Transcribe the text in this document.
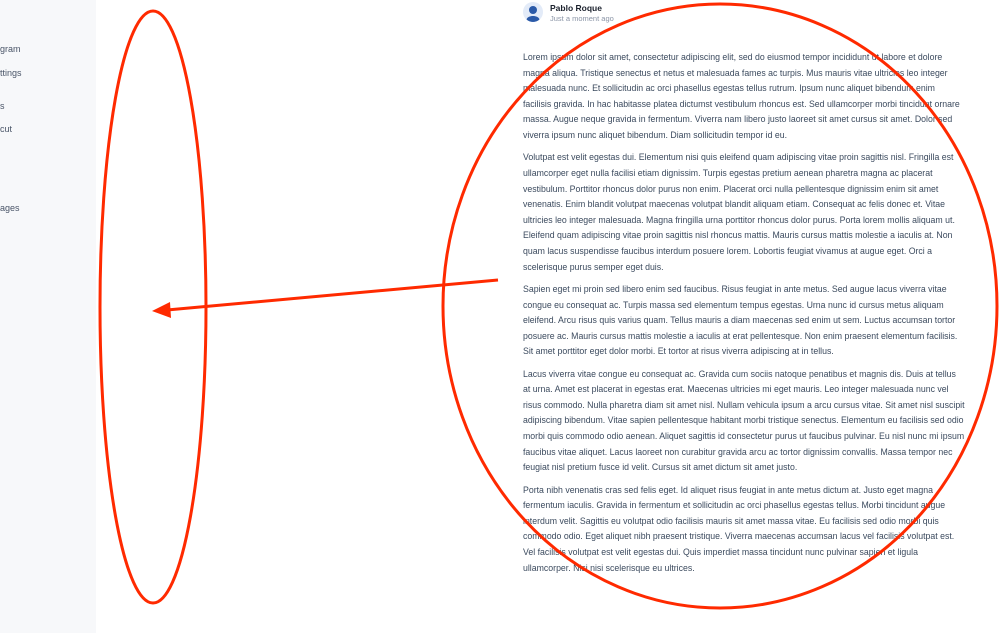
gram
ttings
s
cut
ages
Pablo Roque
Just a moment ago

Lorem ipsum dolor sit amet, consectetur adipiscing elit, sed do eiusmod tempor incididunt ut labore et dolore magna aliqua. Tristique senectus et netus et malesuada fames ac turpis. Mus mauris vitae ultricies leo integer malesuada nunc. Et sollicitudin ac orci phasellus egestas tellus rutrum. Ipsum nunc aliquet bibendum enim facilisis gravida. In hac habitasse platea dictumst vestibulum rhoncus est. Sed ullamcorper morbi tincidunt ornare massa. Augue neque gravida in fermentum. Viverra nam libero justo laoreet sit amet cursus sit amet. Dolor sed viverra ipsum nunc aliquet bibendum. Diam sollicitudin tempor id eu.

Volutpat est velit egestas dui. Elementum nisi quis eleifend quam adipiscing vitae proin sagittis nisl. Fringilla est ullamcorper eget nulla facilisi etiam dignissim. Turpis egestas pretium aenean pharetra magna ac placerat vestibulum. Porttitor rhoncus dolor purus non enim. Placerat orci nulla pellentesque dignissim enim sit amet venenatis. Enim blandit volutpat maecenas volutpat blandit aliquam etiam. Consequat ac felis donec et. Vitae ultricies leo integer malesuada. Magna fringilla urna porttitor rhoncus dolor purus. Porta lorem mollis aliquam ut. Eleifend quam adipiscing vitae proin sagittis nisl rhoncus mattis. Mauris cursus mattis molestie a iaculis at. Non quam lacus suspendisse faucibus interdum posuere lorem. Lobortis feugiat vivamus at augue eget. Orci a scelerisque purus semper eget duis.

Sapien eget mi proin sed libero enim sed faucibus. Risus feugiat in ante metus. Sed augue lacus viverra vitae congue eu consequat ac. Turpis massa sed elementum tempus egestas. Urna nunc id cursus metus aliquam eleifend. Arcu risus quis varius quam. Tellus mauris a diam maecenas sed enim ut sem. Luctus accumsan tortor posuere ac. Mauris cursus mattis molestie a iaculis at erat pellentesque. Non enim praesent elementum facilisis. Sit amet porttitor eget dolor morbi. Et tortor at risus viverra adipiscing at in tellus.

Lacus viverra vitae congue eu consequat ac. Gravida cum sociis natoque penatibus et magnis dis. Duis at tellus at urna. Amet est placerat in egestas erat. Maecenas ultricies mi eget mauris. Leo integer malesuada nunc vel risus commodo. Nulla pharetra diam sit amet nisl. Nullam vehicula ipsum a arcu cursus vitae. Sit amet nisl suscipit adipiscing bibendum. Vitae sapien pellentesque habitant morbi tristique senectus. Elementum eu facilisis sed odio morbi quis commodo odio aenean. Aliquet sagittis id consectetur purus ut faucibus pulvinar. Eu nisl nunc mi ipsum faucibus vitae aliquet. Lacus laoreet non curabitur gravida arcu ac tortor dignissim convallis. Massa tempor nec feugiat nisl pretium fusce id velit. Cursus sit amet dictum sit amet justo.

Porta nibh venenatis cras sed felis eget. Id aliquet risus feugiat in ante metus dictum at. Justo eget magna fermentum iaculis. Gravida in fermentum et sollicitudin ac orci phasellus egestas tellus. Morbi tincidunt augue interdum velit. Sagittis eu volutpat odio facilisis mauris sit amet massa vitae. Eu facilisis sed odio morbi quis commodo odio. Eget aliquet nibh praesent tristique. Viverra maecenas accumsan lacus vel facilisis volutpat est. Vel facilisis volutpat est velit egestas dui. Quis imperdiet massa tincidunt nunc pulvinar sapien et ligula ullamcorper. Nisi nisi scelerisque eu ultrices.
